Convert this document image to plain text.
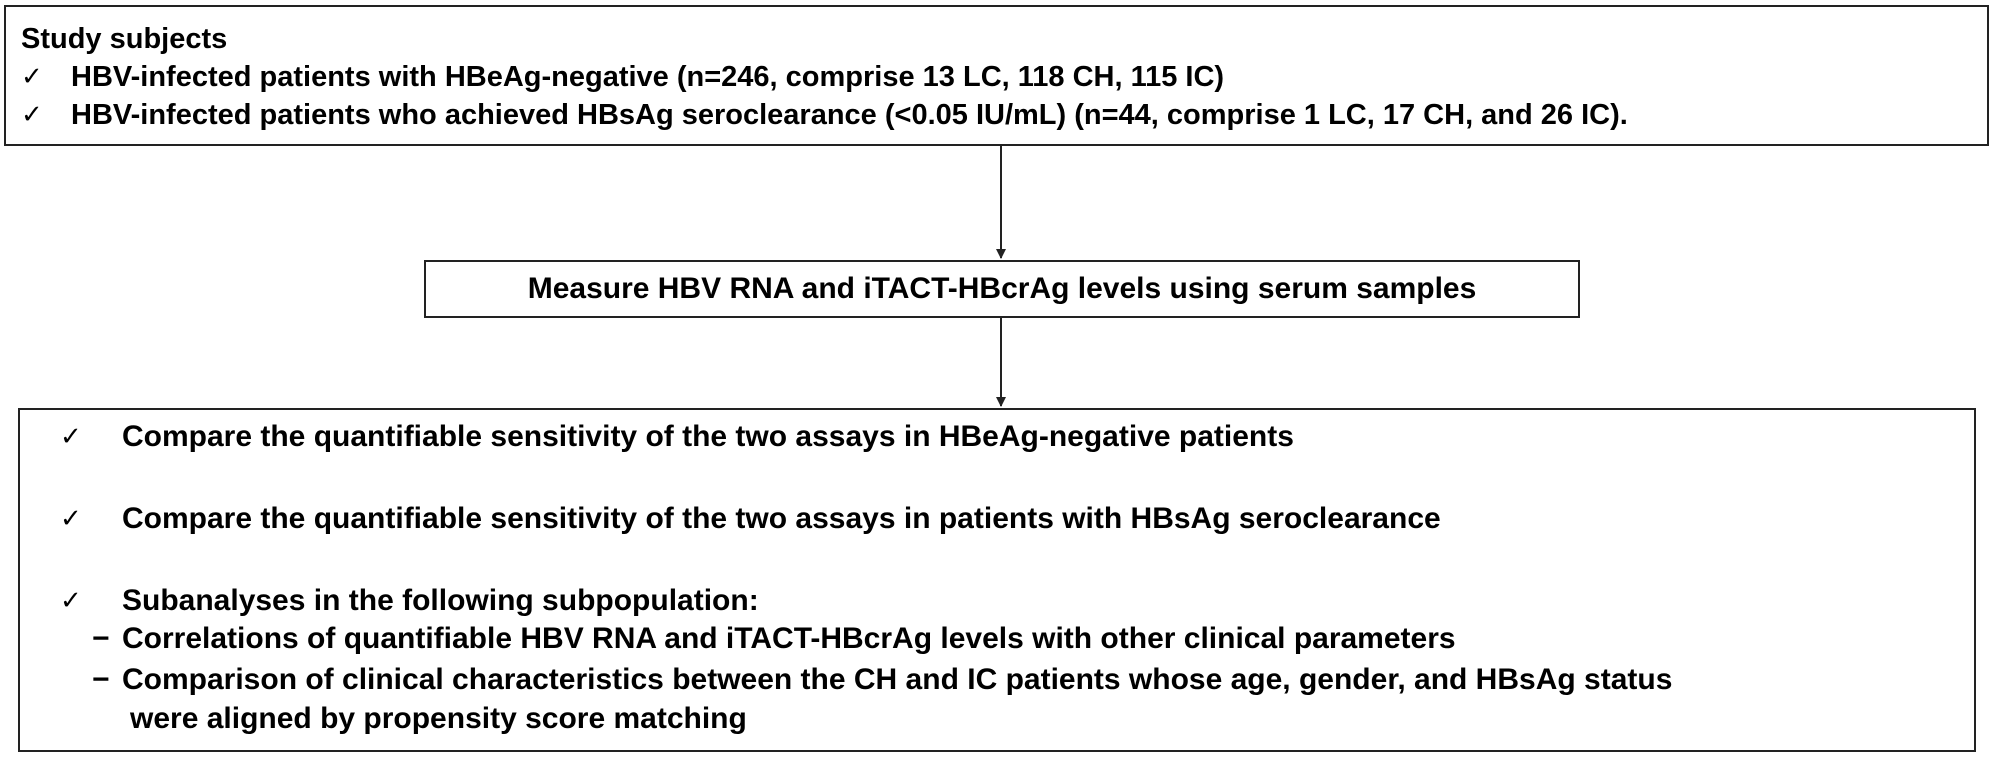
Study subjects
✓ HBV-infected patients with HBeAg-negative (n=246, comprise 13 LC, 118 CH, 115 IC)
✓ HBV-infected patients who achieved HBsAg seroclearance (<0.05 IU/mL) (n=44, comprise 1 LC, 17 CH, and 26 IC).
Measure HBV RNA and iTACT-HBcrAg levels using serum samples
✓ Compare the quantifiable sensitivity of the two assays in HBeAg-negative patients
✓ Compare the quantifiable sensitivity of the two assays in patients with HBsAg seroclearance
✓ Subanalyses in the following subpopulation:
− Correlations of quantifiable HBV RNA and iTACT-HBcrAg levels with other clinical parameters
− Comparison of clinical characteristics between the CH and IC patients whose age, gender, and HBsAg status
were aligned by propensity score matching
